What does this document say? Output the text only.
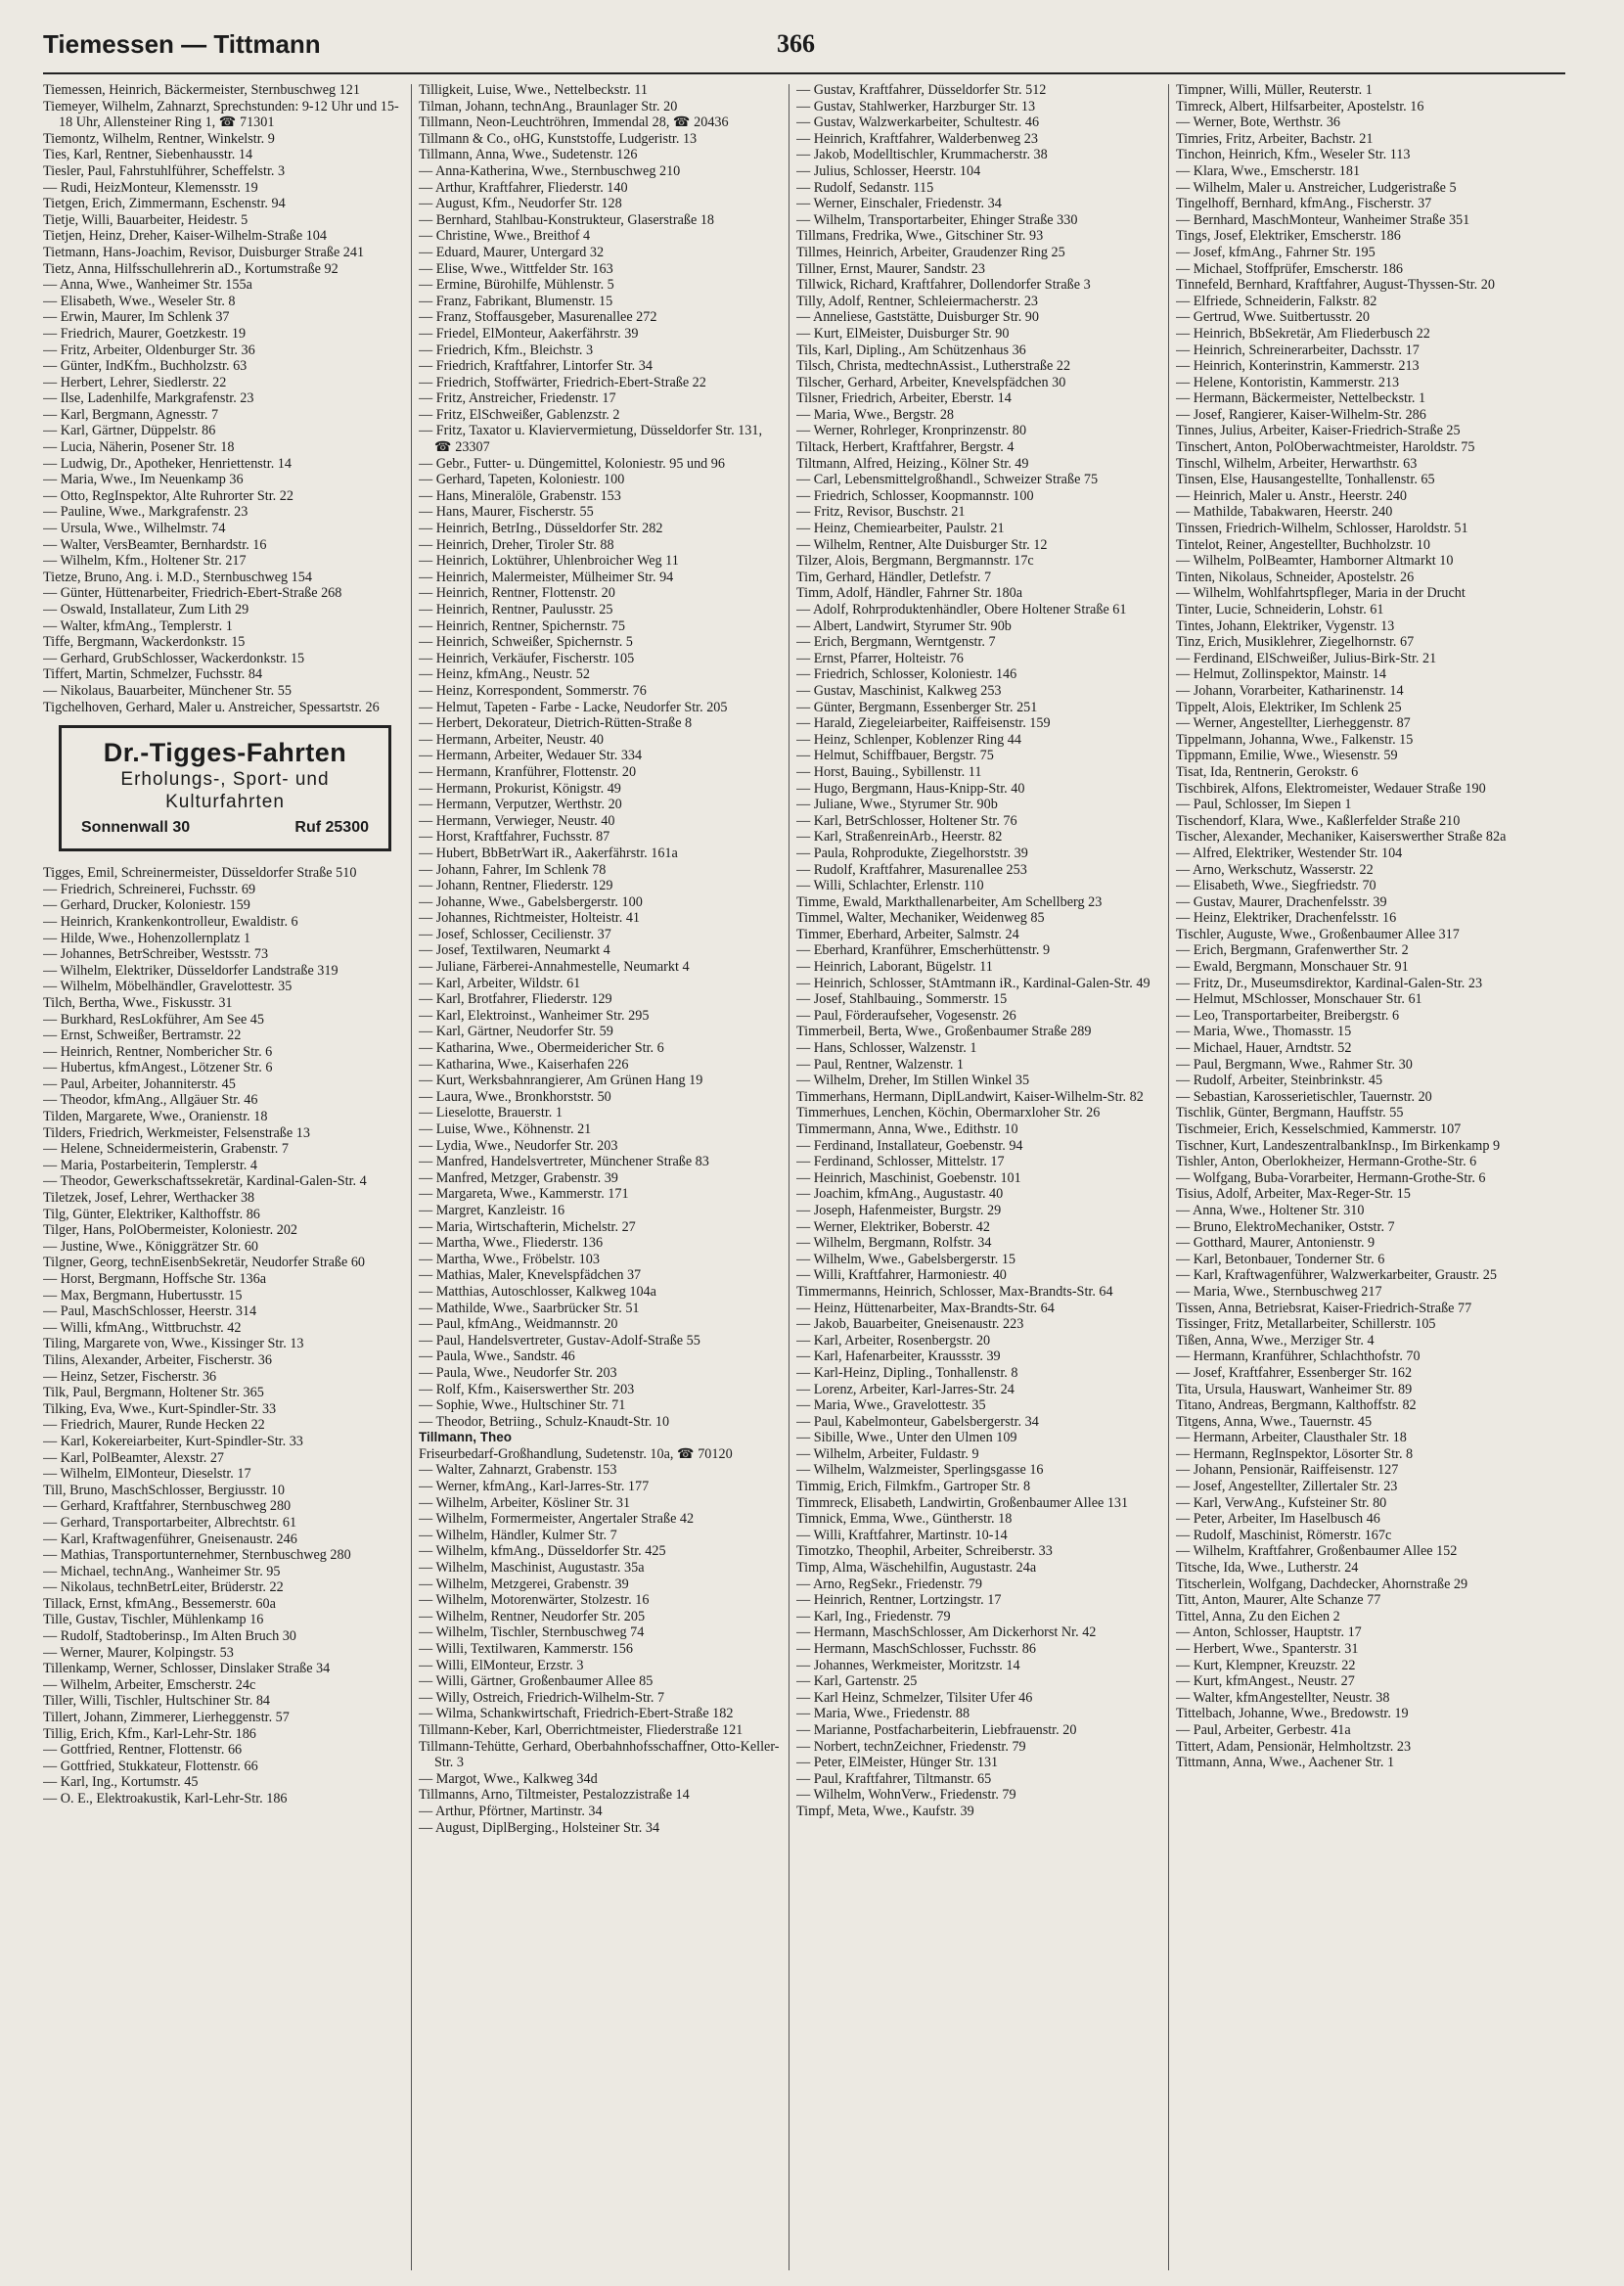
Tiemessen — Tittmann	366
Tiemessen, Heinrich, Bäckermeister, Sternbuschweg 121
Tiemeyer, Wilhelm, Zahnarzt, Sprechstunden: 9-12 Uhr und 15-18 Uhr, Allensteiner Ring 1, ☎ 71301
Tiemontz, Wilhelm, Rentner, Winkelstr. 9
Ties, Karl, Rentner, Siebenhausstr. 14
Tiesler, Paul, Fahrstuhlführer, Scheffelstr. 3
— Rudi, HeizMonteur, Klemensstr. 19
Tietgen, Erich, Zimmermann, Eschenstr. 94
Tietje, Willi, Bauarbeiter, Heidestr. 5
Tietjen, Heinz, Dreher, Kaiser-Wilhelm-Straße 104
Tietmann, Hans-Joachim, Revisor, Duisburger Straße 241
Tietz, Anna, Hilfsschullehrerin aD., Kortumstraße 92
— Anna, Wwe., Wanheimer Str. 155a
— Elisabeth, Wwe., Weseler Str. 8
— Erwin, Maurer, Im Schlenk 37
— Friedrich, Maurer, Goetzkestr. 19
— Fritz, Arbeiter, Oldenburger Str. 36
— Günter, IndKfm., Buchholzstr. 63
— Herbert, Lehrer, Siedlerstr. 22
— Ilse, Ladenhilfe, Markgrafenstr. 23
— Karl, Bergmann, Agnesstr. 7
— Karl, Gärtner, Düppelstr. 86
— Lucia, Näherin, Posener Str. 18
— Ludwig, Dr., Apotheker, Henriettenstr. 14
— Maria, Wwe., Im Neuenkamp 36
— Otto, RegInspektor, Alte Ruhrorter Str. 22
— Pauline, Wwe., Markgrafenstr. 23
— Ursula, Wwe., Wilhelmstr. 74
— Walter, VersBeamter, Bernhardstr. 16
— Wilhelm, Kfm., Holtener Str. 217
Tietze, Bruno, Ang. i. M.D., Sternbuschweg 154
— Günter, Hüttenarbeiter, Friedrich-Ebert-Straße 268
— Oswald, Installateur, Zum Lith 29
— Walter, kfmAng., Templerstr. 1
Tiffe, Bergmann, Wackerdonkstr. 15
— Gerhard, GrubSchlosser, Wackerdonkstr. 15
Tiffert, Martin, Schmelzer, Fuchsstr. 84
— Nikolaus, Bauarbeiter, Münchener Str. 55
Tigchelhoven, Gerhard, Maler u. Anstreicher, Spessartstr. 26
Dr.-Tigges-Fahrten
Erholungs-, Sport- und
Kulturfahrten
Sonnenwall 30	Ruf 25300
Tigges, Emil, Schreinermeister, Düsseldorfer Straße 510
— Friedrich, Schreinerei, Fuchsstr. 69
— Gerhard, Drucker, Koloniestr. 159
— Heinrich, Krankenkontrolleur, Ewaldistr. 6
— Hilde, Wwe., Hohenzollernplatz 1
— Johannes, BetrSchreiber, Westsstr. 73
— Wilhelm, Elektriker, Düsseldorfer Landstraße 319
— Wilhelm, Möbelhändler, Gravelottestr. 35
Tilch, Bertha, Wwe., Fiskusstr. 31
— Burkhard, ResLokführer, Am See 45
— Ernst, Schweißer, Bertramstr. 22
— Heinrich, Rentner, Nombericher Str. 6
— Hubertus, kfmAngest., Lötzener Str. 6
— Paul, Arbeiter, Johanniterstr. 45
— Theodor, kfmAng., Allgäuer Str. 46
Tilden, Margarete, Wwe., Oranienstr. 18
Tilders, Friedrich, Werkmeister, Felsenstraße 13
— Helene, Schneidermeisterin, Grabenstr. 7
— Maria, Postarbeiterin, Templerstr. 4
— Theodor, Gewerkschaftssekretär, Kardinal-Galen-Str. 4
Tiletzek, Josef, Lehrer, Werthacker 38
Tilg, Günter, Elektriker, Kalthoffstr. 86
Tilger, Hans, PolObermeister, Koloniestr. 202
— Justine, Wwe., Königgrätzer Str. 60
Tilgner, Georg, technEisenbSekretär, Neudorfer Straße 60
— Horst, Bergmann, Hoffsche Str. 136a
— Max, Bergmann, Hubertusstr. 15
— Paul, MaschSchlosser, Heerstr. 314
— Willi, kfmAng., Wittbruchstr. 42
Tiling, Margarete von, Wwe., Kissinger Str. 13
Tilins, Alexander, Arbeiter, Fischerstr. 36
— Heinz, Setzer, Fischerstr. 36
Tilk, Paul, Bergmann, Holtener Str. 365
Tilking, Eva, Wwe., Kurt-Spindler-Str. 33
— Friedrich, Maurer, Runde Hecken 22
— Karl, Kokereiarbeiter, Kurt-Spindler-Str. 33
— Karl, PolBeamter, Alexstr. 27
— Wilhelm, ElMonteur, Dieselstr. 17
Till, Bruno, MaschSchlosser, Bergiusstr. 10
— Gerhard, Kraftfahrer, Sternbuschweg 280
— Gerhard, Transportarbeiter, Albrechtstr. 61
— Karl, Kraftwagenführer, Gneisenaustr. 246
— Mathias, Transportunternehmer, Sternbuschweg 280
— Michael, technAng., Wanheimer Str. 95
— Nikolaus, technBetrLeiter, Brüderstr. 22
Tillack, Ernst, kfmAng., Bessemerstr. 60a
Tille, Gustav, Tischler, Mühlenkamp 16
— Rudolf, Stadtoberinsp., Im Alten Bruch 30
— Werner, Maurer, Kolpingstr. 53
Tillenkamp, Werner, Schlosser, Dinslaker Straße 34
— Wilhelm, Arbeiter, Emscherstr. 24c
Tiller, Willi, Tischler, Hultschiner Str. 84
Tillert, Johann, Zimmerer, Lierheggenstr. 57
Tillig, Erich, Kfm., Karl-Lehr-Str. 186
— Gottfried, Rentner, Flottenstr. 66
— Gottfried, Stukkateur, Flottenstr. 66
— Karl, Ing., Kortumstr. 45
— O. E., Elektroakustik, Karl-Lehr-Str. 186
Tilligkeit, Luise, Wwe., Nettelbeckstr. 11
Tilman, Johann, technAng., Braunlager Str. 20
Tillmann, Neon-Leuchtröhren, Immendal 28, ☎ 20436
Tillmann & Co., oHG, Kunststoffe, Ludgeristr. 13
Tillmann, Anna, Wwe., Sudetenstr. 126
— Anna-Katherina, Wwe., Sternbuschweg 210
— Arthur, Kraftfahrer, Fliederstr. 140
— August, Kfm., Neudorfer Str. 128
— Bernhard, Stahlbau-Konstrukteur, Glaserstraße 18
— Christine, Wwe., Breithof 4
— Eduard, Maurer, Untergard 32
— Elise, Wwe., Wittfelder Str. 163
— Ermine, Bürohilfe, Mühlenstr. 5
— Franz, Fabrikant, Blumenstr. 15
— Franz, Stoffausgeber, Masurenallee 272
— Friedel, ElMonteur, Aakerfährstr. 39
— Friedrich, Kfm., Bleichstr. 3
— Friedrich, Kraftfahrer, Lintorfer Str. 34
— Friedrich, Stoffwärter, Friedrich-Ebert-Straße 22
— Fritz, Anstreicher, Friedenstr. 17
— Fritz, ElSchweißer, Gablenzstr. 2
— Fritz, Taxator u. Klaviervermietung, Düsseldorfer Str. 131, ☎ 23307
— Gebr., Futter- u. Düngemittel, Koloniestr. 95 und 96
— Gerhard, Tapeten, Koloniestr. 100
— Hans, Mineralöle, Grabenstr. 153
— Hans, Maurer, Fischerstr. 55
— Heinrich, BetrIng., Düsseldorfer Str. 282
— Heinrich, Dreher, Tiroler Str. 88
— Heinrich, Loktührer, Uhlenbroicher Weg 11
— Heinrich, Malermeister, Mülheimer Str. 94
— Heinrich, Rentner, Flottenstr. 20
— Heinrich, Rentner, Paulusstr. 25
— Heinrich, Rentner, Spichernstr. 75
— Heinrich, Schweißer, Spichernstr. 5
— Heinrich, Verkäufer, Fischerstr. 105
— Heinz, kfmAng., Neustr. 52
— Heinz, Korrespondent, Sommerstr. 76
— Helmut, Tapeten - Farbe - Lacke, Neudorfer Str. 205
— Herbert, Dekorateur, Dietrich-Rütten-Straße 8
— Hermann, Arbeiter, Neustr. 40
— Hermann, Arbeiter, Wedauer Str. 334
— Hermann, Kranführer, Flottenstr. 20
— Hermann, Prokurist, Königstr. 49
— Hermann, Verputzer, Werthstr. 20
— Hermann, Verwieger, Neustr. 40
— Horst, Kraftfahrer, Fuchsstr. 87
— Hubert, BbBetrWart iR., Aakerfährstr. 161a
— Johann, Fahrer, Im Schlenk 78
— Johann, Rentner, Fliederstr. 129
— Johanne, Wwe., Gabelsbergerstr. 100
— Johannes, Richtmeister, Holteistr. 41
— Josef, Schlosser, Cecilienstr. 37
— Josef, Textilwaren, Neumarkt 4
— Juliane, Färberei-Annahmestelle, Neumarkt 4
— Karl, Arbeiter, Wildstr. 61
— Karl, Brotfahrer, Fliederstr. 129
— Karl, Elektroinst., Wanheimer Str. 295
— Karl, Gärtner, Neudorfer Str. 59
— Katharina, Wwe., Obermeidericher Str. 6
— Katharina, Wwe., Kaiserhafen 226
— Kurt, Werksbahnrangierer, Am Grünen Hang 19
— Laura, Wwe., Bronkhorststr. 50
— Lieselotte, Brauerstr. 1
— Luise, Wwe., Köhnenstr. 21
— Lydia, Wwe., Neudorfer Str. 203
— Manfred, Handelsvertreter, Münchener Straße 83
— Manfred, Metzger, Grabenstr. 39
— Margareta, Wwe., Kammerstr. 171
— Margret, Kanzleistr. 16
— Maria, Wirtschafterin, Michelstr. 27
— Martha, Wwe., Fliederstr. 136
— Martha, Wwe., Fröbelstr. 103
— Mathias, Maler, Knevelspfädchen 37
— Matthias, Autoschlosser, Kalkweg 104a
— Mathilde, Wwe., Saarbrücker Str. 51
— Paul, kfmAng., Weidmannstr. 20
— Paul, Handelsvertreter, Gustav-Adolf-Straße 55
— Paula, Wwe., Sandstr. 46
— Paula, Wwe., Neudorfer Str. 203
— Rolf, Kfm., Kaiserswerther Str. 203
— Sophie, Wwe., Hultschiner Str. 71
— Theodor, Betriing., Schulz-Knaudt-Str. 10
Tillmann, Theo
Friseurbedarf-Großhandlung, Sudetenstr. 10a, ☎ 70120
— Walter, Zahnarzt, Grabenstr. 153
— Werner, kfmAng., Karl-Jarres-Str. 177
— Wilhelm, Arbeiter, Kösliner Str. 31
— Wilhelm, Formermeister, Angertaler Straße 42
— Wilhelm, Händler, Kulmer Str. 7
— Wilhelm, kfmAng., Düsseldorfer Str. 425
— Wilhelm, Maschinist, Augustastr. 35a
— Wilhelm, Metzgerei, Grabenstr. 39
— Wilhelm, Motorenwärter, Stolzestr. 16
— Wilhelm, Rentner, Neudorfer Str. 205
— Wilhelm, Tischler, Sternbuschweg 74
— Willi, Textilwaren, Kammerstr. 156
— Willi, ElMonteur, Erzstr. 3
— Willi, Gärtner, Großenbaumer Allee 85
— Willy, Ostreich, Friedrich-Wilhelm-Str. 7
— Wilma, Schankwirtschaft, Friedrich-Ebert-Straße 182
Tillmann-Keber, Karl, Oberrichtmeister, Fliederstraße 121
Tillmann-Tehütte, Gerhard, Oberbahnhofsschaffner, Otto-Keller-Str. 3
— Margot, Wwe., Kalkweg 34d
Tillmanns, Arno, Tiltmeister, Pestalozzistraße 14
— Arthur, Pförtner, Martinstr. 34
— August, DiplBerging., Holsteiner Str. 34
— Gustav, Kraftfahrer, Düsseldorfer Str. 512
— Gustav, Stahlwerker, Harzburger Str. 13
— Gustav, Walzwerkarbeiter, Schultestr. 46
— Heinrich, Kraftfahrer, Walderbenweg 23
— Jakob, Modelltischler, Krummacherstr. 38
— Julius, Schlosser, Heerstr. 104
— Rudolf, Sedanstr. 115
— Werner, Einschaler, Friedenstr. 34
— Wilhelm, Transportarbeiter, Ehinger Straße 330
Tillmans, Fredrika, Wwe., Gitschiner Str. 93
Tillmes, Heinrich, Arbeiter, Graudenzer Ring 25
Tillner, Ernst, Maurer, Sandstr. 23
Tillwick, Richard, Kraftfahrer, Dollendorfer Straße 3
Tilly, Adolf, Rentner, Schleiermacherstr. 23
— Anneliese, Gaststätte, Duisburger Str. 90
— Kurt, ElMeister, Duisburger Str. 90
Tils, Karl, Dipling., Am Schützenhaus 36
Tilsch, Christa, medtechnAssist., Lutherstraße 22
Tilscher, Gerhard, Arbeiter, Knevelspfädchen 30
Tilsner, Friedrich, Arbeiter, Eberstr. 14
— Maria, Wwe., Bergstr. 28
— Werner, Rohrleger, Kronprinzenstr. 80
Tiltack, Herbert, Kraftfahrer, Bergstr. 4
Tiltmann, Alfred, Heizing., Kölner Str. 49
— Carl, Lebensmittelgroßhandl., Schweizer Straße 75
— Friedrich, Schlosser, Koopmannstr. 100
— Fritz, Revisor, Buschstr. 21
— Heinz, Chemiearbeiter, Paulstr. 21
— Wilhelm, Rentner, Alte Duisburger Str. 12
Tilzer, Alois, Bergmann, Bergmannstr. 17c
Tim, Gerhard, Händler, Detlefstr. 7
Timm, Adolf, Händler, Fahrner Str. 180a
— Adolf, Rohrproduktenhändler, Obere Holtener Straße 61
— Albert, Landwirt, Styrumer Str. 90b
— Erich, Bergmann, Werntgenstr. 7
— Ernst, Pfarrer, Holteistr. 76
— Friedrich, Schlosser, Koloniestr. 146
— Gustav, Maschinist, Kalkweg 253
— Günter, Bergmann, Essenberger Str. 251
— Harald, Ziegeleiarbeiter, Raiffeisenstr. 159
— Heinz, Schlenper, Koblenzer Ring 44
— Helmut, Schiffbauer, Bergstr. 75
— Horst, Bauing., Sybillenstr. 11
— Hugo, Bergmann, Haus-Knipp-Str. 40
— Juliane, Wwe., Styrumer Str. 90b
— Karl, BetrSchlosser, Holtener Str. 76
— Karl, StraßenreinArb., Heerstr. 82
— Paula, Rohprodukte, Ziegelhorststr. 39
— Rudolf, Kraftfahrer, Masurenallee 253
— Willi, Schlachter, Erlenstr. 110
Timme, Ewald, Markthallenarbeiter, Am Schellberg 23
Timmel, Walter, Mechaniker, Weidenweg 85
Timmer, Eberhard, Arbeiter, Salmstr. 24
— Eberhard, Kranführer, Emscherhüttenstr. 9
— Heinrich, Laborant, Bügelstr. 11
— Heinrich, Schlosser, StAmtmann iR., Kardinal-Galen-Str. 49
— Josef, Stahlbauing., Sommerstr. 15
— Paul, Förderaufseher, Vogesenstr. 26
Timmerbeil, Berta, Wwe., Großenbaumer Straße 289
— Hans, Schlosser, Walzenstr. 1
— Paul, Rentner, Walzenstr. 1
— Wilhelm, Dreher, Im Stillen Winkel 35
Timmerhans, Hermann, DiplLandwirt, Kaiser-Wilhelm-Str. 82
Timmerhues, Lenchen, Köchin, Obermarxloher Str. 26
Timmermann, Anna, Wwe., Edithstr. 10
— Ferdinand, Installateur, Goebenstr. 94
— Ferdinand, Schlosser, Mittelstr. 17
— Heinrich, Maschinist, Goebenstr. 101
— Joachim, kfmAng., Augustastr. 40
— Joseph, Hafenmeister, Burgstr. 29
— Werner, Elektriker, Boberstr. 42
— Wilhelm, Bergmann, Rolfstr. 34
— Wilhelm, Wwe., Gabelsbergerstr. 15
— Willi, Kraftfahrer, Harmoniestr. 40
Timmermanns, Heinrich, Schlosser, Max-Brandts-Str. 64
— Heinz, Hüttenarbeiter, Max-Brandts-Str. 64
— Jakob, Bauarbeiter, Gneisenaustr. 223
— Karl, Arbeiter, Rosenbergstr. 20
— Karl, Hafenarbeiter, Kraussstr. 39
— Karl-Heinz, Dipling., Tonhallenstr. 8
— Lorenz, Arbeiter, Karl-Jarres-Str. 24
— Maria, Wwe., Gravelottestr. 35
— Paul, Kabelmonteur, Gabelsbergerstr. 34
— Sibille, Wwe., Unter den Ulmen 109
— Wilhelm, Arbeiter, Fuldastr. 9
— Wilhelm, Walzmeister, Sperlingsgasse 16
Timmig, Erich, Filmkfm., Gartroper Str. 8
Timmreck, Elisabeth, Landwirtin, Großenbaumer Allee 131
Timnick, Emma, Wwe., Güntherstr. 18
— Willi, Kraftfahrer, Martinstr. 10-14
Timotzko, Theophil, Arbeiter, Schreiberstr. 33
Timp, Alma, Wäschehilfin, Augustastr. 24a
— Arno, RegSekr., Friedenstr. 79
— Heinrich, Rentner, Lortzingstr. 17
— Karl, Ing., Friedenstr. 79
— Hermann, MaschSchlosser, Am Dickerhorst Nr. 42
— Hermann, MaschSchlosser, Fuchsstr. 86
— Johannes, Werkmeister, Moritzstr. 14
— Karl, Gartenstr. 25
— Karl Heinz, Schmelzer, Tilsiter Ufer 46
— Maria, Wwe., Friedenstr. 88
— Marianne, Postfacharbeiterin, Liebfrauenstr. 20
— Norbert, technZeichner, Friedenstr. 79
— Peter, ElMeister, Hünger Str. 131
— Paul, Kraftfahrer, Tiltmanstr. 65
— Wilhelm, WohnVerw., Friedenstr. 79
Timpf, Meta, Wwe., Kaufstr. 39
Timpner, Willi, Müller, Reuterstr. 1
Timreck, Albert, Hilfsarbeiter, Apostelstr. 16
— Werner, Bote, Werthstr. 36
Timries, Fritz, Arbeiter, Bachstr. 21
Tinchon, Heinrich, Kfm., Weseler Str. 113
— Klara, Wwe., Emscherstr. 181
— Wilhelm, Maler u. Anstreicher, Ludgeristraße 5
Tingelhoff, Bernhard, kfmAng., Fischerstr. 37
— Bernhard, MaschMonteur, Wanheimer Straße 351
Tings, Josef, Elektriker, Emscherstr. 186
— Josef, kfmAng., Fahrner Str. 195
— Michael, Stoffprüfer, Emscherstr. 186
Tinnefeld, Bernhard, Kraftfahrer, August-Thyssen-Str. 20
— Elfriede, Schneiderin, Falkstr. 82
— Gertrud, Wwe. Suitbertusstr. 20
— Heinrich, BbSekretär, Am Fliederbusch 22
— Heinrich, Schreinerarbeiter, Dachsstr. 17
— Heinrich, Konterinstrin, Kammerstr. 213
— Helene, Kontoristin, Kammerstr. 213
— Hermann, Bäckermeister, Nettelbeckstr. 1
— Josef, Rangierer, Kaiser-Wilhelm-Str. 286
Tinnes, Julius, Arbeiter, Kaiser-Friedrich-Straße 25
Tinschert, Anton, PolOberwachtmeister, Haroldstr. 75
Tinschl, Wilhelm, Arbeiter, Herwarthstr. 63
Tinsen, Else, Hausangestellte, Tonhallenstr. 65
— Heinrich, Maler u. Anstr., Heerstr. 240
— Mathilde, Tabakwaren, Heerstr. 240
Tinssen, Friedrich-Wilhelm, Schlosser, Haroldstr. 51
Tintelot, Reiner, Angestellter, Buchholzstr. 10
— Wilhelm, PolBeamter, Hamborner Altmarkt 10
Tinten, Nikolaus, Schneider, Apostelstr. 26
— Wilhelm, Wohlfahrtspfleger, Maria in der Drucht
Tinter, Lucie, Schneiderin, Lohstr. 61
Tintes, Johann, Elektriker, Vygenstr. 13
Tinz, Erich, Musiklehrer, Ziegelhornstr. 67
— Ferdinand, ElSchweißer, Julius-Birk-Str. 21
— Helmut, Zollinspektor, Mainstr. 14
— Johann, Vorarbeiter, Katharinenstr. 14
Tippelt, Alois, Elektriker, Im Schlenk 25
— Werner, Angestellter, Lierheggenstr. 87
Tippelmann, Johanna, Wwe., Falkenstr. 15
Tippmann, Emilie, Wwe., Wiesenstr. 59
Tisat, Ida, Rentnerin, Gerokstr. 6
Tischbirek, Alfons, Elektromeister, Wedauer Straße 190
— Paul, Schlosser, Im Siepen 1
Tischendorf, Klara, Wwe., Kaßlerfelder Straße 210
Tischer, Alexander, Mechaniker, Kaiserswerther Straße 82a
— Alfred, Elektriker, Westender Str. 104
— Arno, Werkschutz, Wasserstr. 22
— Elisabeth, Wwe., Siegfriedstr. 70
— Gustav, Maurer, Drachenfelsstr. 39
— Heinz, Elektriker, Drachenfelsstr. 16
Tischler, Auguste, Wwe., Großenbaumer Allee 317
— Erich, Bergmann, Grafenwerther Str. 2
— Ewald, Bergmann, Monschauer Str. 91
— Fritz, Dr., Museumsdirektor, Kardinal-Galen-Str. 23
— Helmut, MSchlosser, Monschauer Str. 61
— Leo, Transportarbeiter, Breibergstr. 6
— Maria, Wwe., Thomasstr. 15
— Michael, Hauer, Arndtstr. 52
— Paul, Bergmann, Wwe., Rahmer Str. 30
— Rudolf, Arbeiter, Steinbrinkstr. 45
— Sebastian, Karosserietischler, Tauernstr. 20
Tischlik, Günter, Bergmann, Hauffstr. 55
Tischmeier, Erich, Kesselschmied, Kammerstr. 107
Tischner, Kurt, LandeszentralbankInsp., Im Birkenkamp 9
Tishler, Anton, Oberlokheizer, Hermann-Grothe-Str. 6
— Wolfgang, Buba-Vorarbeiter, Hermann-Grothe-Str. 6
Tisius, Adolf, Arbeiter, Max-Reger-Str. 15
— Anna, Wwe., Holtener Str. 310
— Bruno, ElektroMechaniker, Oststr. 7
— Gotthard, Maurer, Antonienstr. 9
— Karl, Betonbauer, Tonderner Str. 6
— Karl, Kraftwagenführer, Walzwerkarbeiter, Graustr. 25
— Maria, Wwe., Sternbuschweg 217
Tissen, Anna, Betriebsrat, Kaiser-Friedrich-Straße 77
Tissinger, Fritz, Metallarbeiter, Schillerstr. 105
Tißen, Anna, Wwe., Merziger Str. 4
— Hermann, Kranführer, Schlachthofstr. 70
— Josef, Kraftfahrer, Essenberger Str. 162
Tita, Ursula, Hauswart, Wanheimer Str. 89
Titano, Andreas, Bergmann, Kalthoffstr. 82
Titgens, Anna, Wwe., Tauernstr. 45
— Hermann, Arbeiter, Clausthaler Str. 18
— Hermann, RegInspektor, Lösorter Str. 8
— Johann, Pensionär, Raiffeisenstr. 127
— Josef, Angestellter, Zillertaler Str. 23
— Karl, VerwAng., Kufsteiner Str. 80
— Peter, Arbeiter, Im Haselbusch 46
— Rudolf, Maschinist, Römerstr. 167c
— Wilhelm, Kraftfahrer, Großenbaumer Allee 152
Titsche, Ida, Wwe., Lutherstr. 24
Titscherlein, Wolfgang, Dachdecker, Ahornstraße 29
Titt, Anton, Maurer, Alte Schanze 77
Tittel, Anna, Zu den Eichen 2
— Anton, Schlosser, Hauptstr. 17
— Herbert, Wwe., Spanterstr. 31
— Kurt, Klempner, Kreuzstr. 22
— Kurt, kfmAngest., Neustr. 27
— Walter, kfmAngestellter, Neustr. 38
Tittelbach, Johanne, Wwe., Bredowstr. 19
— Paul, Arbeiter, Gerbestr. 41a
Tittert, Adam, Pensionär, Helmholtzstr. 23
Tittmann, Anna, Wwe., Aachener Str. 1
